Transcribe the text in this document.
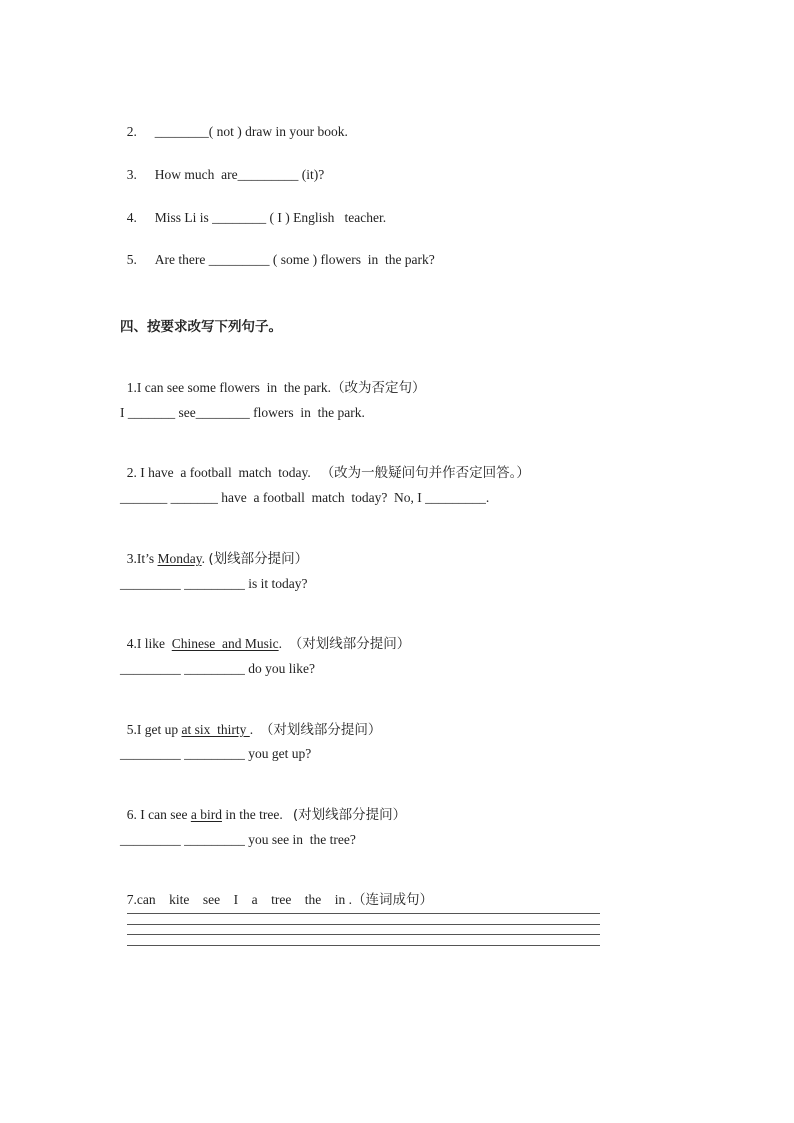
2. ________( not ) draw in your book.

3. How much  are_________ (it)?

4. Miss Li is ________ ( I ) English   teacher.

5. Are there _________ ( some ) flowers  in  the park?

四、按要求改写下列句子。

1.I can see some flowers  in  the park.（改为否定句）

I _______ see________ flowers  in  the park.

2. I have  a football  match  today. （改为一般疑问句并作否定回答。）

_______ _______ have  a football  match  today?  No, I _________.

3.It’s Monday. (划线部分提问）

_________ _________ is it today?

4.I like  Chinese  and Music.  （对划线部分提问）

_________ _________ do you like?

5.I get up at six  thirty .  （对划线部分提问）

_________ _________ you get up?

6. I can see a bird in the tree.   (对划线部分提问）

_________ _________ you see in  the tree?

7.can    kite    see    I    a    tree    the    in .（连词成句）
